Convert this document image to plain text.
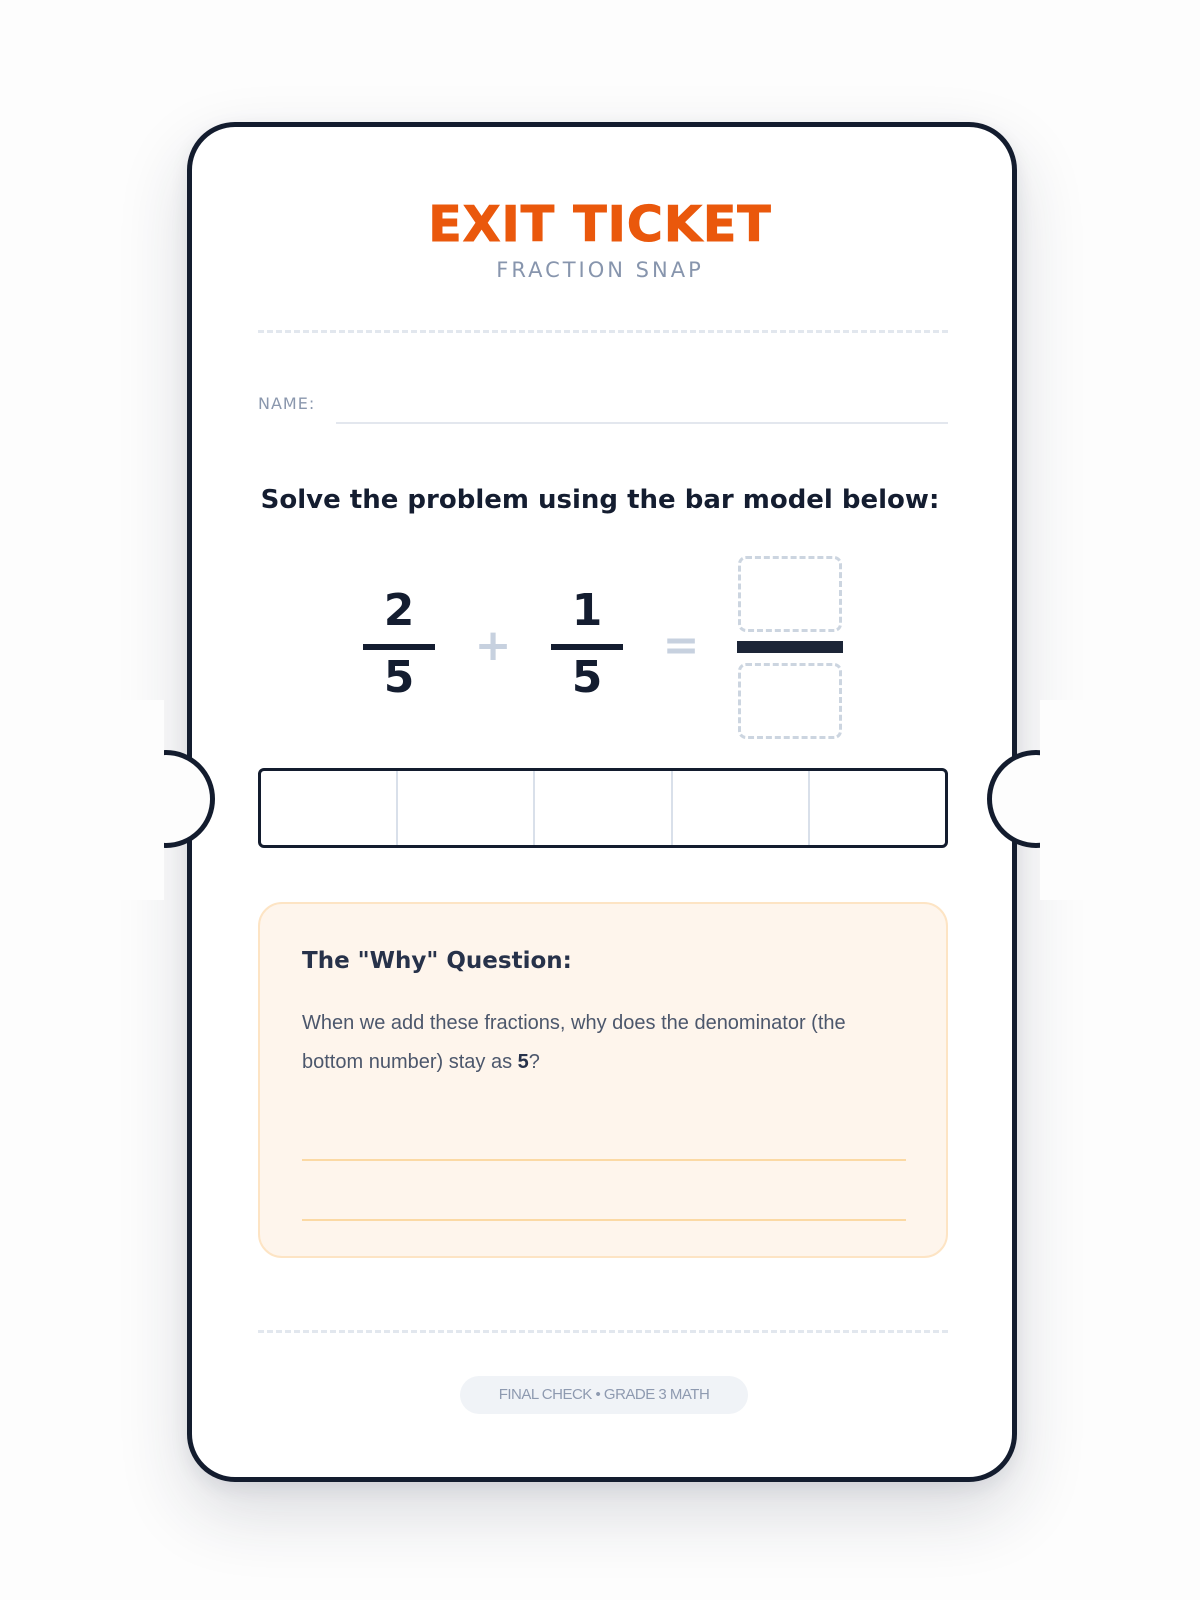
EXIT TICKET
FRACTION SNAP
NAME:
Solve the problem using the bar model below:
2
5
+
1
5
=
The "Why" Question:
When we add these fractions, why does the denominator (the bottom number) stay as 5?
FINAL CHECK • GRADE 3 MATH
